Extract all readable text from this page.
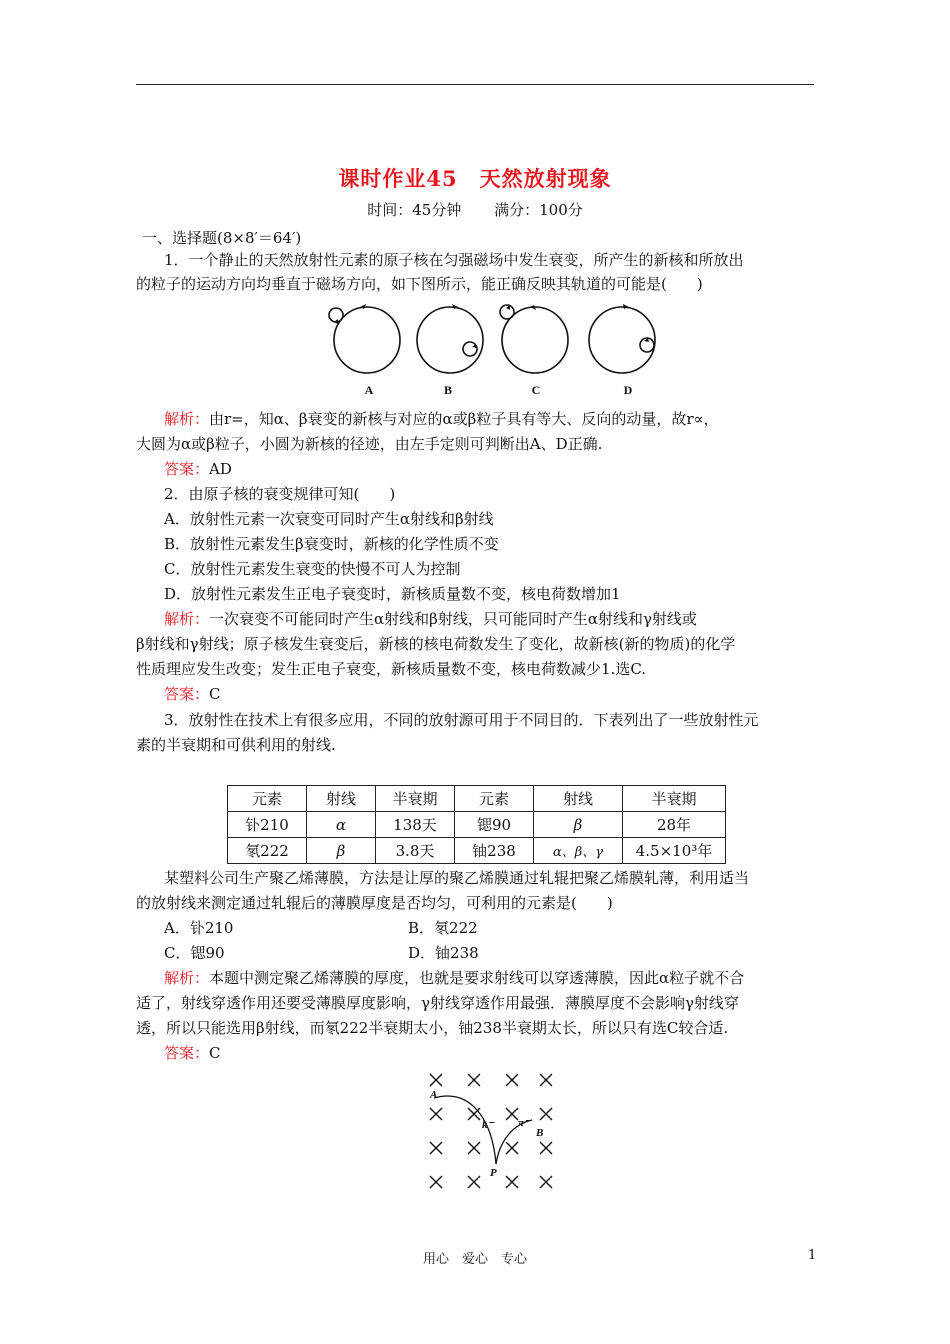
课时作业45　天然放射现象
时间：45分钟 满分：100分
一、选择题(8×8′＝64′)
1．一个静止的天然放射性元素的原子核在匀强磁场中发生衰变，所产生的新核和所放出
的粒子的运动方向均垂直于磁场方向，如下图所示，能正确反映其轨道的可能是(　　)
A	B	C	D
解析：由r=，知α、β衰变的新核与对应的α或β粒子具有等大、反向的动量，故r∝，
大圆为α或β粒子，小圆为新核的径迹，由左手定则可判断出A、D正确.
答案：AD
2．由原子核的衰变规律可知(　　)
A．放射性元素一次衰变可同时产生α射线和β射线
B．放射性元素发生β衰变时，新核的化学性质不变
C．放射性元素发生衰变的快慢不可人为控制
D．放射性元素发生正电子衰变时，新核质量数不变，核电荷数增加1
解析：一次衰变不可能同时产生α射线和β射线，只可能同时产生α射线和γ射线或
β射线和γ射线；原子核发生衰变后，新核的核电荷数发生了变化，故新核(新的物质)的化学
性质理应发生改变；发生正电子衰变，新核质量数不变，核电荷数减少1.选C.
答案：C
3．放射性在技术上有很多应用，不同的放射源可用于不同目的．下表列出了一些放射性元
素的半衰期和可供利用的射线.
元素	射线	半衰期	元素	射线	半衰期
钋210	α	138天	锶90	β	28年
氡222	β	3.8天	铀238	α、β、γ	4.5×10³年
某塑料公司生产聚乙烯薄膜，方法是让厚的聚乙烯膜通过轧辊把聚乙烯膜轧薄，利用适当
的放射线来测定通过轧辊后的薄膜厚度是否均匀，可利用的元素是(　　)
A．钋210	B．氡222
C．锶90	D．铀238
解析：本题中测定聚乙烯薄膜的厚度，也就是要求射线可以穿透薄膜，因此α粒子就不合
适了，射线穿透作用还要受薄膜厚度影响，γ射线穿透作用最强．薄膜厚度不会影响γ射线穿
透，所以只能选用β射线，而氡222半衰期太小，铀238半衰期太长，所以只有选C较合适.
答案：C
A
k⁻ π⁻
B
P
用心　爱心　专心	1
